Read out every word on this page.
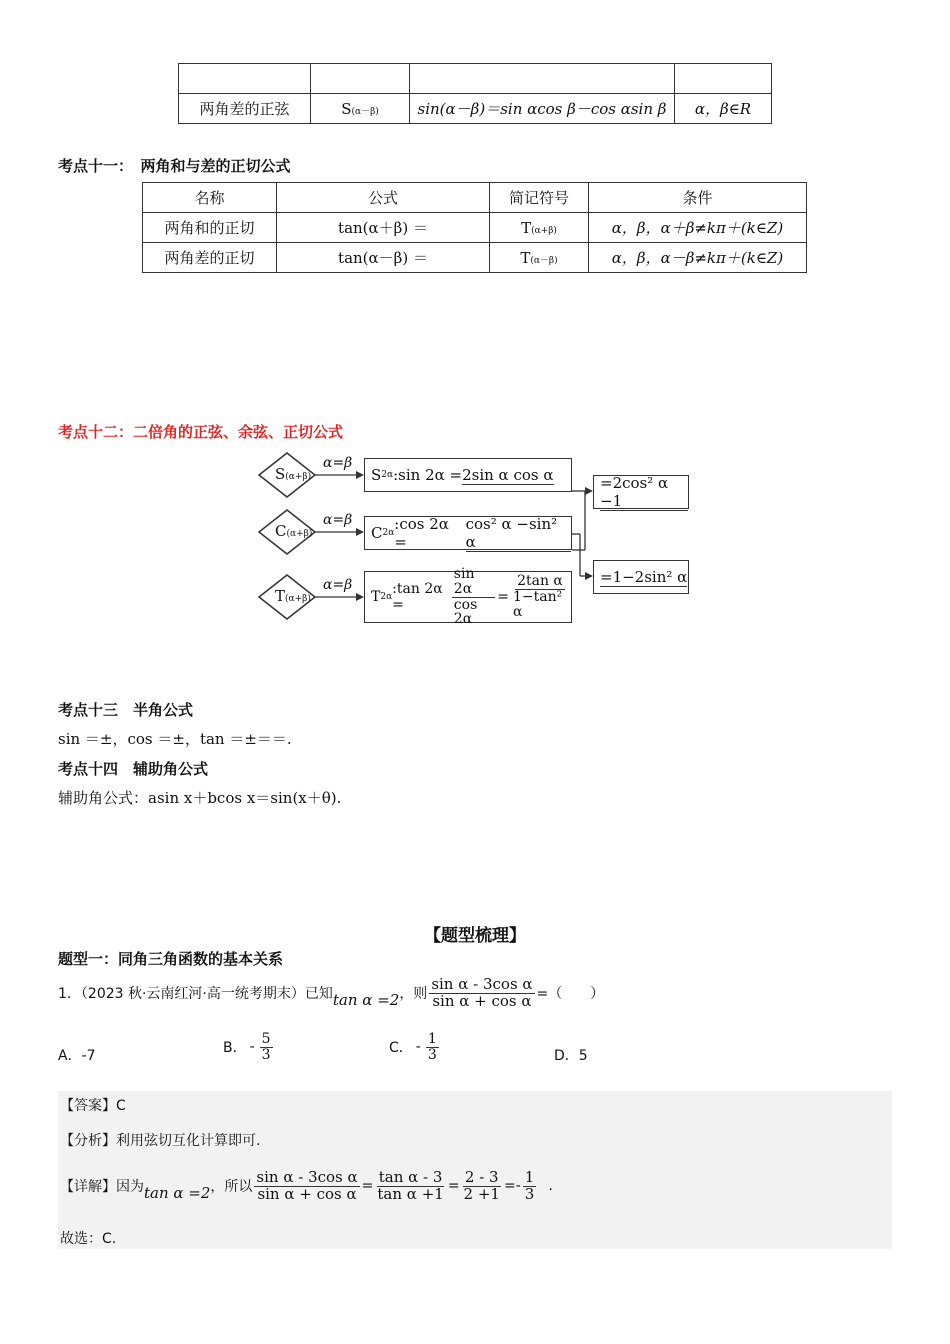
两角差的正弦	S(α－β)	sin(α－β)＝sin αcos β－cos αsin β	α，β∈R
考点十一：　两角和与差的正切公式
名称	公式	简记符号	条件
两角和的正切	tan(α＋β) ＝	T(α+β)	α，β，α＋β≠kπ＋(k∈Z)
两角差的正切	tan(α－β) ＝	T(α－β)	α，β，α－β≠kπ＋(k∈Z)
考点十二：二倍角的正弦、余弦、正切公式
S(α+β)
C(α+β)
T(α+β)
α=β
α=β
α=β
S 2α :sin 2α = 2sin α cos α
C 2α :cos 2α =
cos² α −sin² α
T 2α :tan 2α =	$\frac{\sin 2\alpha}{\cos 2\alpha} = \frac{\text{2tan α}}{\text{1−tan² α}}$
=2cos² α −1
=1−2sin² α
考点十三　半角公式
sin ＝±，cos ＝±，tan ＝±＝＝.
考点十四　辅助角公式
辅助角公式：asin x＋bcos x＝sin(x＋θ).
【题型梳理】
题型一：同角三角函数的基本关系
1．（2023 秋·云南红河·高一统考期末）已知 tan α =2 ，则 $\frac{\text{sin α - 3cos α}}{\text{sin α + cos α}}$ =（　　）
A．-7	B． - $\frac{5}{3}$	C． - $\frac{1}{3}$	D．5
【答案】C
【分析】利用弦切互化计算即可.
【详解】因为 tan α =2 ，所以 $\frac{\text{sin α - 3cos α}}{\text{sin α + cos α}} = \frac{\text{tan α - 3}}{\text{tan α +1}} = \frac{2 - 3}{2 +1} =- \frac{1}{3}$ .
故选：C.
